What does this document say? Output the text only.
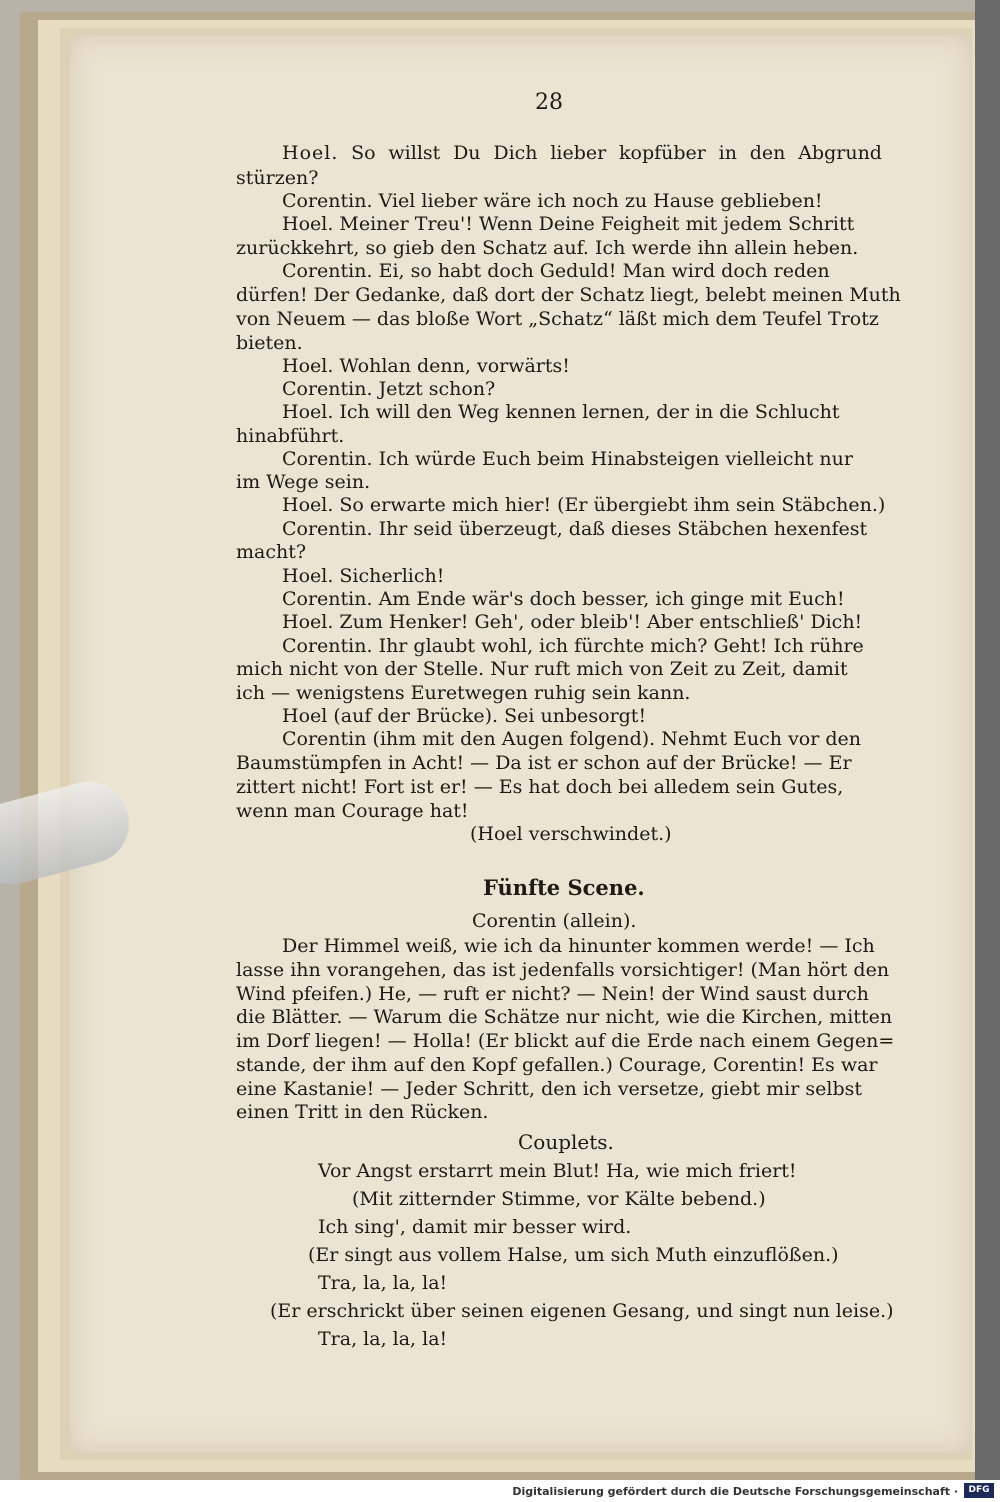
28
Hoel. So willst Du Dich lieber kopfüber in den Abgrund
stürzen?
Corentin. Viel lieber wäre ich noch zu Hause geblieben!
Hoel. Meiner Treu'! Wenn Deine Feigheit mit jedem Schritt
zurückkehrt, so gieb den Schatz auf. Ich werde ihn allein heben.
Corentin. Ei, so habt doch Geduld! Man wird doch reden
dürfen! Der Gedanke, daß dort der Schatz liegt, belebt meinen Muth
von Neuem — das bloße Wort „Schatz“ läßt mich dem Teufel Trotz
bieten.
Hoel. Wohlan denn, vorwärts!
Corentin. Jetzt schon?
Hoel. Ich will den Weg kennen lernen, der in die Schlucht
hinabführt.
Corentin. Ich würde Euch beim Hinabsteigen vielleicht nur
im Wege sein.
Hoel. So erwarte mich hier! (Er übergiebt ihm sein Stäbchen.)
Corentin. Ihr seid überzeugt, daß dieses Stäbchen hexenfest
macht?
Hoel. Sicherlich!
Corentin. Am Ende wär's doch besser, ich ginge mit Euch!
Hoel. Zum Henker! Geh', oder bleib'! Aber entschließ' Dich!
Corentin. Ihr glaubt wohl, ich fürchte mich? Geht! Ich rühre
mich nicht von der Stelle. Nur ruft mich von Zeit zu Zeit, damit
ich — wenigstens Euretwegen ruhig sein kann.
Hoel (auf der Brücke). Sei unbesorgt!
Corentin (ihm mit den Augen folgend). Nehmt Euch vor den
Baumstümpfen in Acht! — Da ist er schon auf der Brücke! — Er
zittert nicht! Fort ist er! — Es hat doch bei alledem sein Gutes,
wenn man Courage hat!
(Hoel verschwindet.)
Fünfte Scene.
Corentin (allein).
Der Himmel weiß, wie ich da hinunter kommen werde! — Ich
lasse ihn vorangehen, das ist jedenfalls vorsichtiger! (Man hört den
Wind pfeifen.) He, — ruft er nicht? — Nein! der Wind saust durch
die Blätter. — Warum die Schätze nur nicht, wie die Kirchen, mitten
im Dorf liegen! — Holla! (Er blickt auf die Erde nach einem Gegen=
stande, der ihm auf den Kopf gefallen.) Courage, Corentin! Es war
eine Kastanie! — Jeder Schritt, den ich versetze, giebt mir selbst
einen Tritt in den Rücken.
Couplets.
Vor Angst erstarrt mein Blut! Ha, wie mich friert!
(Mit zitternder Stimme, vor Kälte bebend.)
Ich sing', damit mir besser wird.
(Er singt aus vollem Halse, um sich Muth einzuflößen.)
Tra, la, la, la!
(Er erschrickt über seinen eigenen Gesang, und singt nun leise.)
Tra, la, la, la!
Digitalisierung gefördert durch die Deutsche Forschungsgemeinschaft ·	DFG
